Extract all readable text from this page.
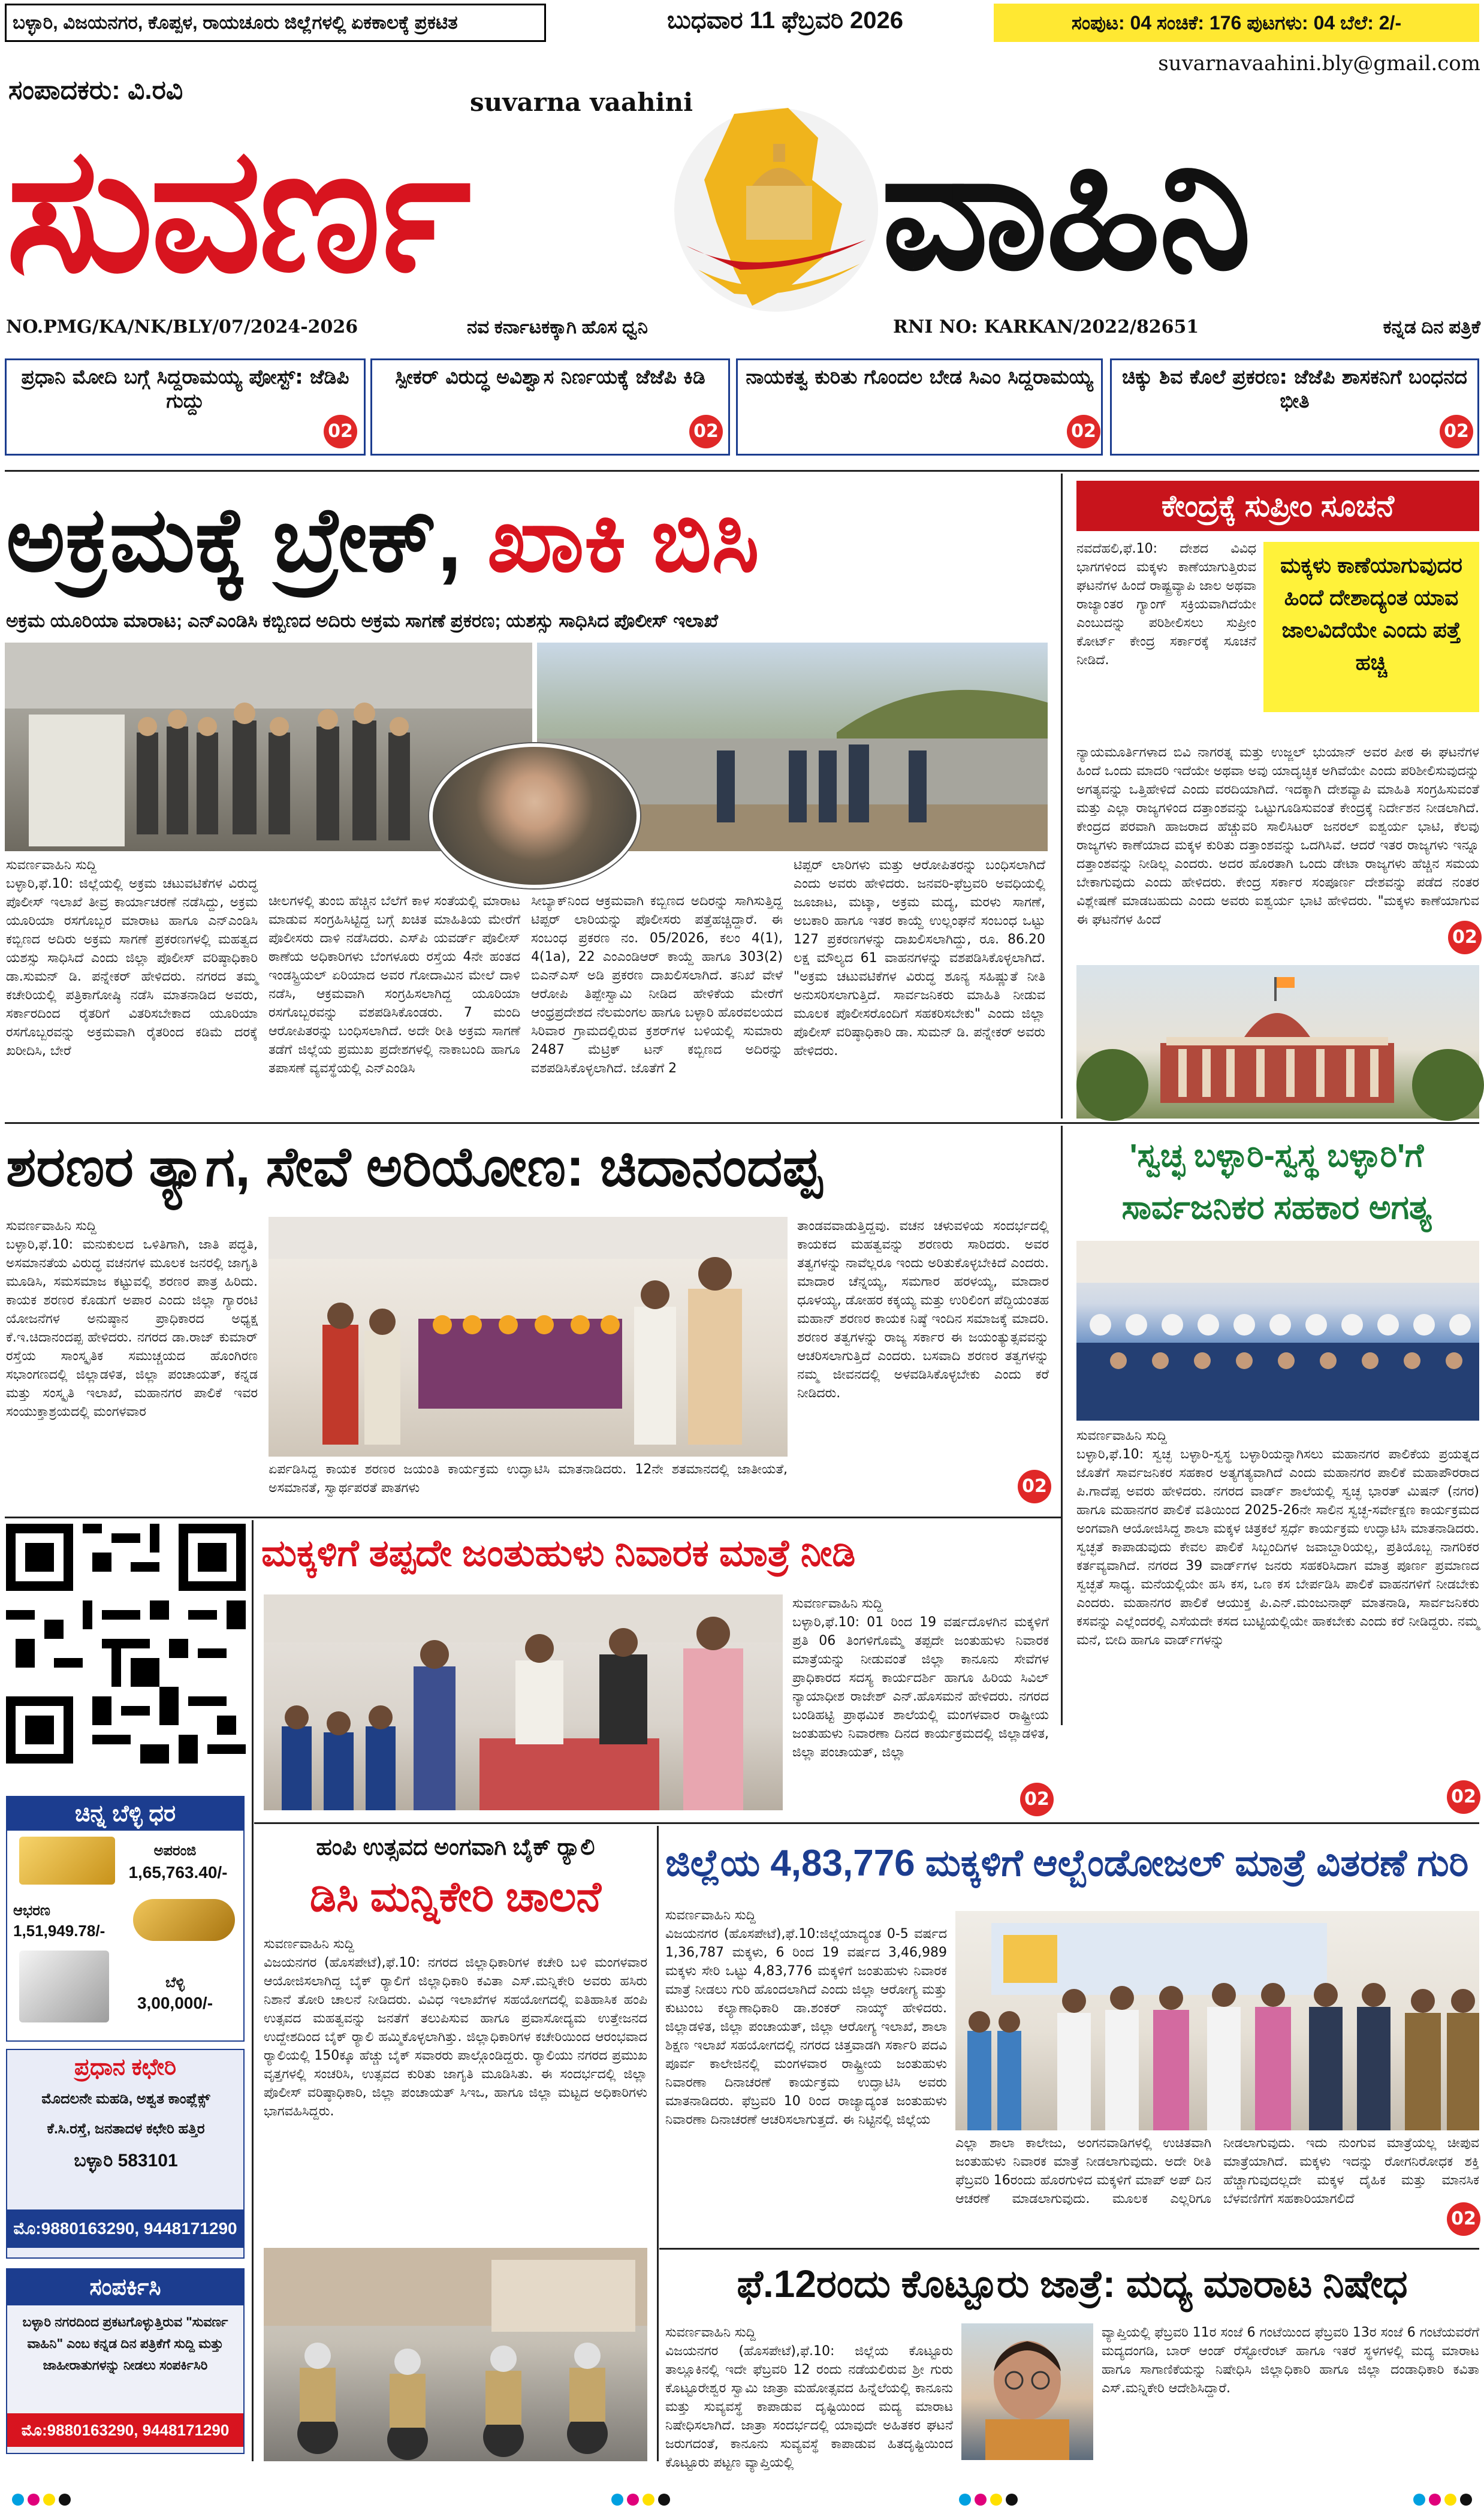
ಬಳ್ಳಾರಿ, ವಿಜಯನಗರ, ಕೊಪ್ಪಳ, ರಾಯಚೂರು ಜಿಲ್ಲೆಗಳಲ್ಲಿ ಏಕಕಾಲಕ್ಕೆ ಪ್ರಕಟಿತ	ಬುಧವಾರ 11 ಫೆಬ್ರವರಿ 2026	ಸಂಪುಟ: 04 ಸಂಚಿಕೆ: 176 ಪುಟಗಳು: 04 ಬೆಲೆ: 2/-
ಸಂಪಾದಕರು: ವಿ.ರವಿ
suvarnavaahini.bly@gmail.com
suvarna vaahini
ಸುವರ್ಣ	ವಾಹಿನಿ
NO.PMG/KA/NK/BLY/07/2024-2026	ನವ ಕರ್ನಾಟಕಕ್ಕಾಗಿ ಹೊಸ ಧ್ವನಿ	RNI NO: KARKAN/2022/82651	ಕನ್ನಡ ದಿನ ಪತ್ರಿಕೆ
ಪ್ರಧಾನಿ ಮೋದಿ ಬಗ್ಗೆ ಸಿದ್ದರಾಮಯ್ಯ ಪೋಸ್ಟ್: ಜೆಡಿಪಿ ಗುದ್ದು
02
ಸ್ಪೀಕರ್ ವಿರುದ್ಧ ಅವಿಶ್ವಾಸ ನಿರ್ಣಯಕ್ಕೆ ಜೆಜೆಪಿ ಕಿಡಿ
02
ನಾಯಕತ್ವ ಕುರಿತು ಗೊಂದಲ ಬೇಡ ಸಿಎಂ ಸಿದ್ದರಾಮಯ್ಯ
02
ಚಿಕ್ಕು ಶಿವ ಕೊಲೆ ಪ್ರಕರಣ: ಜೆಜೆಪಿ ಶಾಸಕನಿಗೆ ಬಂಧನದ ಭೀತಿ
02
ಅಕ್ರಮಕ್ಕೆ ಬ್ರೇಕ್, ಖಾಕಿ ಬಿಸಿ
ಅಕ್ರಮ ಯೂರಿಯಾ ಮಾರಾಟ; ಎನ್‌ಎಂಡಿಸಿ ಕಬ್ಬಿಣದ ಅದಿರು ಅಕ್ರಮ ಸಾಗಣೆ ಪ್ರಕರಣ; ಯಶಸ್ಸು ಸಾಧಿಸಿದ ಪೊಲೀಸ್ ಇಲಾಖೆ
ಸುವರ್ಣವಾಹಿನಿ ಸುದ್ದಿ
ಬಳ್ಳಾರಿ,ಫೆ.10: ಜಿಲ್ಲೆಯಲ್ಲಿ ಅಕ್ರಮ ಚಟುವಟಿಕೆಗಳ ವಿರುದ್ಧ ಪೊಲೀಸ್ ಇಲಾಖೆ ತೀವ್ರ ಕಾರ್ಯಾಚರಣೆ ನಡೆಸಿದ್ದು, ಅಕ್ರಮ ಯೂರಿಯಾ ರಸಗೊಬ್ಬರ ಮಾರಾಟ ಹಾಗೂ ಎನ್‌ಎಂಡಿಸಿ ಕಬ್ಬಿಣದ ಅದಿರು ಅಕ್ರಮ ಸಾಗಣೆ ಪ್ರಕರಣಗಳಲ್ಲಿ ಮಹತ್ವದ ಯಶಸ್ಸು ಸಾಧಿಸಿದೆ ಎಂದು ಜಿಲ್ಲಾ ಪೊಲೀಸ್ ವರಿಷ್ಠಾಧಿಕಾರಿ ಡಾ.ಸುಮನ್ ಡಿ. ಪನ್ನೇಕರ್ ಹೇಳಿದರು. ನಗರದ ತಮ್ಮ ಕಚೇರಿಯಲ್ಲಿ ಪತ್ರಿಕಾಗೋಷ್ಠಿ ನಡೆಸಿ ಮಾತನಾಡಿದ ಅವರು, ಸರ್ಕಾರದಿಂದ ರೈತರಿಗೆ ವಿತರಿಸಬೇಕಾದ ಯೂರಿಯಾ ರಸಗೊಬ್ಬರವನ್ನು ಅಕ್ರಮವಾಗಿ ರೈತರಿಂದ ಕಡಿಮೆ ದರಕ್ಕೆ ಖರೀದಿಸಿ, ಬೇರೆ
ಚೀಲಗಳಲ್ಲಿ ತುಂಬಿ ಹೆಚ್ಚಿನ ಬೆಲೆಗೆ ಕಾಳ ಸಂತೆಯಲ್ಲಿ ಮಾರಾಟ ಮಾಡುವ ಸಂಗ್ರಹಿಸಿಟ್ಟಿದ್ದ ಬಗ್ಗೆ ಖಚಿತ ಮಾಹಿತಿಯ ಮೇರೆಗೆ ಪೊಲೀಸರು ದಾಳಿ ನಡೆಸಿದರು. ಎಸ್‌ಪಿ ಯವರ್ಡ್ ಪೊಲೀಸ್ ಠಾಣೆಯ ಅಧಿಕಾರಿಗಳು ಬೆಂಗಳೂರು ರಸ್ತೆಯ 4ನೇ ಹಂತದ ಇಂಡಸ್ಟ್ರಿಯಲ್ ಏರಿಯಾದ ಅವರ ಗೋದಾಮಿನ ಮೇಲೆ ದಾಳಿ ನಡೆಸಿ, ಆಕ್ರಮವಾಗಿ ಸಂಗ್ರಹಿಸಲಾಗಿದ್ದ ಯೂರಿಯಾ ರಸಗೊಬ್ಬರವನ್ನು ವಶಪಡಿಸಿಕೊಂಡರು. 7 ಮಂದಿ ಆರೋಪಿತರನ್ನು ಬಂಧಿಸಲಾಗಿದೆ. ಅದೇ ರೀತಿ ಅಕ್ರಮ ಸಾಗಣೆ ತಡೆಗೆ ಜಿಲ್ಲೆಯ ಪ್ರಮುಖ ಪ್ರದೇಶಗಳಲ್ಲಿ ನಾಕಾಬಂದಿ ಹಾಗೂ ತಪಾಸಣೆ ವ್ಯವಸ್ಥೆಯಲ್ಲಿ ಎನ್‌ಎಂಡಿಸಿ
ಸೀಬ್ಯಾಕ್‌ನಿಂದ ಆಕ್ರಮವಾಗಿ ಕಬ್ಬಿಣದ ಅದಿರನ್ನು ಸಾಗಿಸುತ್ತಿದ್ದ ಟಿಪ್ಪರ್ ಲಾರಿಯನ್ನು ಪೊಲೀಸರು ಪತ್ತೆಹಚ್ಚಿದ್ದಾರೆ. ಈ ಸಂಬಂಧ ಪ್ರಕರಣ ನಂ. 05/2026, ಕಲಂ 4(1), 4(1a), 22 ಎಂಎಂಡಿಆರ್ ಕಾಯ್ದೆ ಹಾಗೂ 303(2) ಬಿಎನ್‌ಎಸ್ ಅಡಿ ಪ್ರಕರಣ ದಾಖಲಿಸಲಾಗಿದೆ. ತನಿಖೆ ವೇಳೆ ಆರೋಪಿ ತಿಪ್ಪೇಸ್ವಾಮಿ ನೀಡಿದ ಹೇಳಿಕೆಯ ಮೇರೆಗೆ ಆಂಧ್ರಪ್ರದೇಶದ ನೆಲಮಂಗಲ ಹಾಗೂ ಬಳ್ಳಾರಿ ಹೊರವಲಯದ ಸಿರಿವಾರ ಗ್ರಾಮದಲ್ಲಿರುವ ಕ್ರಶರ್‌ಗಳ ಬಳಿಯಲ್ಲಿ ಸುಮಾರು 2487 ಮೆಟ್ರಿಕ್ ಟನ್ ಕಬ್ಬಿಣದ ಅದಿರನ್ನು ವಶಪಡಿಸಿಕೊಳ್ಳಲಾಗಿದೆ. ಜೊತೆಗೆ 2
ಟಿಪ್ಪರ್ ಲಾರಿಗಳು ಮತ್ತು ಆರೋಪಿತರನ್ನು ಬಂಧಿಸಲಾಗಿದೆ ಎಂದು ಅವರು ಹೇಳಿದರು. ಜನವರಿ-ಫೆಬ್ರವರಿ ಅವಧಿಯಲ್ಲಿ ಜೂಜಾಟ, ಮಟ್ಕಾ, ಅಕ್ರಮ ಮದ್ಯ, ಮರಳು ಸಾಗಣೆ, ಅಬಕಾರಿ ಹಾಗೂ ಇತರ ಕಾಯ್ದೆ ಉಲ್ಲಂಘನೆ ಸಂಬಂಧ ಒಟ್ಟು 127 ಪ್ರಕರಣಗಳನ್ನು ದಾಖಲಿಸಲಾಗಿದ್ದು, ರೂ. 86.20 ಲಕ್ಷ ಮೌಲ್ಯದ 61 ವಾಹನಗಳನ್ನು ವಶಪಡಿಸಿಕೊಳ್ಳಲಾಗಿದೆ. "ಅಕ್ರಮ ಚಟುವಟಿಕೆಗಳ ವಿರುದ್ಧ ಶೂನ್ಯ ಸಹಿಷ್ಣುತೆ ನೀತಿ ಅನುಸರಿಸಲಾಗುತ್ತಿದೆ. ಸಾರ್ವಜನಿಕರು ಮಾಹಿತಿ ನೀಡುವ ಮೂಲಕ ಪೊಲೀಸರೊಂದಿಗೆ ಸಹಕರಿಸಬೇಕು" ಎಂದು ಜಿಲ್ಲಾ ಪೊಲೀಸ್ ವರಿಷ್ಠಾಧಿಕಾರಿ ಡಾ. ಸುಮನ್ ಡಿ. ಪನ್ನೇಕರ್ ಅವರು ಹೇಳಿದರು.
ಕೇಂದ್ರಕ್ಕೆ ಸುಪ್ರೀಂ ಸೂಚನೆ
ನವದೆಹಲಿ,ಫೆ.10: ದೇಶದ ವಿವಿಧ ಭಾಗಗಳಿಂದ ಮಕ್ಕಳು ಕಾಣೆಯಾಗುತ್ತಿರುವ ಘಟನೆಗಳ ಹಿಂದೆ ರಾಷ್ಟ್ರವ್ಯಾಪಿ ಜಾಲ ಅಥವಾ ರಾಜ್ಯಾಂತರ ಗ್ಯಾಂಗ್ ಸಕ್ರಿಯವಾಗಿದೆಯೇ ಎಂಬುದನ್ನು ಪರಿಶೀಲಿಸಲು ಸುಪ್ರೀಂ ಕೋರ್ಟ್ ಕೇಂದ್ರ ಸರ್ಕಾರಕ್ಕೆ ಸೂಚನೆ ನೀಡಿದೆ.
ಮಕ್ಕಳು ಕಾಣೆಯಾಗುವುದರ ಹಿಂದೆ ದೇಶಾದ್ಯಂತ ಯಾವ ಜಾಲವಿದೆಯೇ ಎಂದು ಪತ್ತೆ ಹಚ್ಚಿ
ನ್ಯಾಯಮೂರ್ತಿಗಳಾದ ಬಿವಿ ನಾಗರತ್ನ ಮತ್ತು ಉಜ್ಜಲ್ ಭುಯಾನ್ ಅವರ ಪೀಠ ಈ ಘಟನೆಗಳ ಹಿಂದೆ ಒಂದು ಮಾದರಿ ಇದೆಯೇ ಅಥವಾ ಅವು ಯಾದೃಚ್ಛಿಕ ಅಗಿವೆಯೇ ಎಂದು ಪರಿಶೀಲಿಸುವುದನ್ನು ಅಗತ್ಯವನ್ನು ಒತ್ತಿಹೇಳಿದೆ ಎಂದು ವರದಿಯಾಗಿದೆ. ಇದಕ್ಕಾಗಿ ದೇಶವ್ಯಾಪಿ ಮಾಹಿತಿ ಸಂಗ್ರಹಿಸುವಂತೆ ಮತ್ತು ಎಲ್ಲಾ ರಾಜ್ಯಗಳಿಂದ ದತ್ತಾಂಶವನ್ನು ಒಟ್ಟುಗೂಡಿಸುವಂತೆ ಕೇಂದ್ರಕ್ಕೆ ನಿರ್ದೇಶನ ನೀಡಲಾಗಿದೆ. ಕೇಂದ್ರದ ಪರವಾಗಿ ಹಾಜರಾದ ಹೆಚ್ಚುವರಿ ಸಾಲಿಸಿಟರ್ ಜನರಲ್ ಐಶ್ವರ್ಯ ಭಾಟಿ, ಕೆಲವು ರಾಜ್ಯಗಳು ಕಾಣೆಯಾದ ಮಕ್ಕಳ ಕುರಿತು ದತ್ತಾಂಶವನ್ನು ಒದಗಿಸಿವೆ. ಆದರೆ ಇತರ ರಾಜ್ಯಗಳು ಇನ್ನೂ ದತ್ತಾಂಶವನ್ನು ನೀಡಿಲ್ಲ ಎಂದರು. ಅದರ ಹೊರತಾಗಿ ಒಂದು ಡೇಟಾ ರಾಜ್ಯಗಳು ಹೆಚ್ಚಿನ ಸಮಯ ಬೇಕಾಗುವುದು ಎಂದು ಹೇಳಿದರು. ಕೇಂದ್ರ ಸರ್ಕಾರ ಸಂಪೂರ್ಣ ದೇಶವನ್ನು ಪಡೆದ ನಂತರ ವಿಶ್ಲೇಷಣೆ ಮಾಡಬಹುದು ಎಂದು ಅವರು ಐಶ್ವರ್ಯ ಭಾಟಿ ಹೇಳಿದರು. "ಮಕ್ಕಳು ಕಾಣೆಯಾಗುವ ಈ ಘಟನೆಗಳ ಹಿಂದೆ
02
ಶರಣರ ತ್ಯಾಗ, ಸೇವೆ ಅರಿಯೋಣ: ಚಿದಾನಂದಪ್ಪ
ಸುವರ್ಣವಾಹಿನಿ ಸುದ್ದಿ
ಬಳ್ಳಾರಿ,ಫೆ.10: ಮನುಕುಲದ ಒಳಿತಿಗಾಗಿ, ಜಾತಿ ಪದ್ಧತಿ, ಅಸಮಾನತೆಯ ವಿರುದ್ಧ ವಚನಗಳ ಮೂಲಕ ಜನರಲ್ಲಿ ಜಾಗೃತಿ ಮೂಡಿಸಿ, ಸಮಸಮಾಜ ಕಟ್ಟುವಲ್ಲಿ ಶರಣರ ಪಾತ್ರ ಹಿರಿದು. ಕಾಯಕ ಶರಣರ ಕೊಡುಗೆ ಅಪಾರ ಎಂದು ಜಿಲ್ಲಾ ಗ್ಯಾರಂಟಿ ಯೋಜನೆಗಳ ಅನುಷ್ಠಾನ ಪ್ರಾಧಿಕಾರದ ಅಧ್ಯಕ್ಷ ಕೆ.ಇ.ಚಿದಾನಂದಪ್ಪ ಹೇಳಿದರು. ನಗರದ ಡಾ.ರಾಜ್ ಕುಮಾರ್ ರಸ್ತೆಯ ಸಾಂಸ್ಕೃತಿಕ ಸಮುಚ್ಚಯದ ಹೊಂಗಿರಣ ಸಭಾಂಗಣದಲ್ಲಿ ಜಿಲ್ಲಾಡಳಿತ, ಜಿಲ್ಲಾ ಪಂಚಾಯತ್, ಕನ್ನಡ ಮತ್ತು ಸಂಸ್ಕೃತಿ ಇಲಾಖೆ, ಮಹಾನಗರ ಪಾಲಿಕೆ ಇವರ ಸಂಯುಕ್ತಾಶ್ರಯದಲ್ಲಿ ಮಂಗಳವಾರ
ಏರ್ಪಡಿಸಿದ್ದ ಕಾಯಕ ಶರಣರ ಜಯಂತಿ ಕಾರ್ಯಕ್ರಮ ಉದ್ಘಾಟಿಸಿ ಮಾತನಾಡಿದರು. 12ನೇ ಶತಮಾನದಲ್ಲಿ ಜಾತೀಯತೆ, ಅಸಮಾನತೆ, ಸ್ವಾರ್ಥಪರತೆ ಪಾತಗಳು
ತಾಂಡವವಾಡುತ್ತಿದ್ದವು. ವಚನ ಚಳುವಳಿಯ ಸಂದರ್ಭದಲ್ಲಿ ಕಾಯಕದ ಮಹತ್ವವನ್ನು ಶರಣರು ಸಾರಿದರು. ಅವರ ತತ್ವಗಳನ್ನು ನಾವೆಲ್ಲರೂ ಇಂದು ಅರಿತುಕೊಳ್ಳಬೇಕಿದೆ ಎಂದರು. ಮಾದಾರ ಚೆನ್ನಯ್ಯ, ಸಮಗಾರ ಹರಳಯ್ಯ, ಮಾದಾರ ಧೂಳಯ್ಯ, ಡೋಹರ ಕಕ್ಕಯ್ಯ ಮತ್ತು ಉರಿಲಿಂಗ ಪೆದ್ದಿಯಂತಹ ಮಹಾನ್ ಶರಣರ ಕಾಯಕ ನಿಷ್ಠೆ ಇಂದಿನ ಸಮಾಜಕ್ಕೆ ಮಾದರಿ. ಶರಣರ ತತ್ವಗಳನ್ನು ರಾಜ್ಯ ಸರ್ಕಾರ ಈ ಜಯಂತ್ಯುತ್ಸವವನ್ನು ಆಚರಿಸಲಾಗುತ್ತಿದೆ ಎಂದರು. ಬಸವಾದಿ ಶರಣರ ತತ್ವಗಳನ್ನು ನಮ್ಮ ಜೀವನದಲ್ಲಿ ಅಳವಡಿಸಿಕೊಳ್ಳಬೇಕು ಎಂದು ಕರೆ ನೀಡಿದರು.
02
'ಸ್ವಚ್ಛ ಬಳ್ಳಾರಿ-ಸ್ವಸ್ಥ ಬಳ್ಳಾರಿ'ಗೆ
ಸಾರ್ವಜನಿಕರ ಸಹಕಾರ ಅಗತ್ಯ
ಸುವರ್ಣವಾಹಿನಿ ಸುದ್ದಿ
ಬಳ್ಳಾರಿ,ಫೆ.10: ಸ್ವಚ್ಛ ಬಳ್ಳಾರಿ-ಸ್ವಸ್ಥ ಬಳ್ಳಾರಿಯನ್ನಾಗಿಸಲು ಮಹಾನಗರ ಪಾಲಿಕೆಯ ಪ್ರಯತ್ನದ ಜೊತೆಗೆ ಸಾರ್ವಜನಿಕರ ಸಹಕಾರ ಅತ್ಯಗತ್ಯವಾಗಿದೆ ಎಂದು ಮಹಾನಗರ ಪಾಲಿಕೆ ಮಹಾಪೌರರಾದ ಪಿ.ಗಾದೆಪ್ಪ ಅವರು ಹೇಳಿದರು. ನಗರದ ವಾರ್ಡ್ ಶಾಲೆಯಲ್ಲಿ ಸ್ವಚ್ಛ ಭಾರತ್ ಮಿಷನ್ (ನಗರ) ಹಾಗೂ ಮಹಾನಗರ ಪಾಲಿಕೆ ವತಿಯಿಂದ 2025-26ನೇ ಸಾಲಿನ ಸ್ವಚ್ಛ-ಸರ್ವೇಕ್ಷಣ ಕಾರ್ಯಕ್ರಮದ ಅಂಗವಾಗಿ ಆಯೋಜಿಸಿದ್ದ ಶಾಲಾ ಮಕ್ಕಳ ಚಿತ್ರಕಲೆ ಸ್ಪರ್ಧೆ ಕಾರ್ಯಕ್ರಮ ಉದ್ಘಾಟಿಸಿ ಮಾತನಾಡಿದರು. ಸ್ವಚ್ಛತೆ ಕಾಪಾಡುವುದು ಕೇವಲ ಪಾಲಿಕೆ ಸಿಬ್ಬಂದಿಗಳ ಜವಾಬ್ದಾರಿಯಲ್ಲ, ಪ್ರತಿಯೊಬ್ಬ ನಾಗರಿಕರ ಕರ್ತವ್ಯವಾಗಿದೆ. ನಗರದ 39 ವಾರ್ಡ್‌ಗಳ ಜನರು ಸಹಕರಿಸಿದಾಗ ಮಾತ್ರ ಪೂರ್ಣ ಪ್ರಮಾಣದ ಸ್ವಚ್ಛತೆ ಸಾಧ್ಯ. ಮನೆಯಲ್ಲಿಯೇ ಹಸಿ ಕಸ, ಒಣ ಕಸ ಬೇರ್ಪಡಿಸಿ ಪಾಲಿಕೆ ವಾಹನಗಳಿಗೆ ನೀಡಬೇಕು ಎಂದರು. ಮಹಾನಗರ ಪಾಲಿಕೆ ಆಯುಕ್ತ ಪಿ.ಎನ್.ಮಂಜುನಾಥ್ ಮಾತನಾಡಿ, ಸಾರ್ವಜನಿಕರು ಕಸವನ್ನು ಎಲ್ಲೆಂದರಲ್ಲಿ ಎಸೆಯದೇ ಕಸದ ಬುಟ್ಟಿಯಲ್ಲಿಯೇ ಹಾಕಬೇಕು ಎಂದು ಕರೆ ನೀಡಿದ್ದರು. ನಮ್ಮ ಮನೆ, ಬೀದಿ ಹಾಗೂ ವಾರ್ಡ್‌ಗಳನ್ನು
02
ಚಿನ್ನ ಬೆಳ್ಳಿ ಧರ
ಅಪರಂಜಿ
1,65,763.40/-
ಆಭರಣ
1,51,949.78/-
ಬೆಳ್ಳಿ
3,00,000/-
ಪ್ರಧಾನ ಕಛೇರಿ
ಮೊದಲನೇ ಮಹಡಿ, ಅಶ್ವತ ಕಾಂಪ್ಲೆಕ್ಸ್
ಕೆ.ಸಿ.ರಸ್ತೆ, ಜನತಾದಳ ಕಛೇರಿ ಹತ್ತಿರ
ಬಳ್ಳಾರಿ 583101
ಮೊ:9880163290, 9448171290
ಸಂಪರ್ಕಿಸಿ
ಬಳ್ಳಾರಿ ನಗರದಿಂದ ಪ್ರಕಟಗೊಳ್ಳುತ್ತಿರುವ "ಸುವರ್ಣ ವಾಹಿನಿ" ಎಂಬ ಕನ್ನಡ ದಿನ ಪತ್ರಿಕೆಗೆ ಸುದ್ದಿ ಮತ್ತು ಜಾಹೀರಾತುಗಳನ್ನು ನೀಡಲು ಸಂಪರ್ಕಿಸಿರಿ
ಮೊ:9880163290, 9448171290
ಮಕ್ಕಳಿಗೆ ತಪ್ಪದೇ ಜಂತುಹುಳು ನಿವಾರಕ ಮಾತ್ರೆ ನೀಡಿ
ಸುವರ್ಣವಾಹಿನಿ ಸುದ್ದಿ
ಬಳ್ಳಾರಿ,ಫೆ.10: 01 ರಿಂದ 19 ವರ್ಷದೊಳಗಿನ ಮಕ್ಕಳಿಗೆ ಪ್ರತಿ 06 ತಿಂಗಳಿಗೊಮ್ಮೆ ತಪ್ಪದೇ ಜಂತುಹುಳು ನಿವಾರಕ ಮಾತ್ರೆಯನ್ನು ನೀಡುವಂತೆ ಜಿಲ್ಲಾ ಕಾನೂನು ಸೇವೆಗಳ ಪ್ರಾಧಿಕಾರದ ಸದಸ್ಯ ಕಾರ್ಯದರ್ಶಿ ಹಾಗೂ ಹಿರಿಯ ಸಿವಿಲ್ ನ್ಯಾಯಾಧೀಶ ರಾಜೇಶ್ ಎನ್.ಹೊಸಮನೆ ಹೇಳಿದರು. ನಗರದ ಬಂಡಿಹಟ್ಟಿ ಪ್ರಾಥಮಿಕ ಶಾಲೆಯಲ್ಲಿ ಮಂಗಳವಾರ ರಾಷ್ಟ್ರೀಯ ಜಂತುಹುಳು ನಿವಾರಣಾ ದಿನದ ಕಾರ್ಯಕ್ರಮದಲ್ಲಿ ಜಿಲ್ಲಾಡಳಿತ, ಜಿಲ್ಲಾ ಪಂಚಾಯತ್, ಜಿಲ್ಲಾ
02
ಹಂಪಿ ಉತ್ಸವದ ಅಂಗವಾಗಿ ಬೈಕ್ ರ್‍ಯಾಲಿ
ಡಿಸಿ ಮನ್ನಿಕೇರಿ ಚಾಲನೆ
ಸುವರ್ಣವಾಹಿನಿ ಸುದ್ದಿ
ವಿಜಯನಗರ (ಹೊಸಪೇಟೆ),ಫೆ.10: ನಗರದ ಜಿಲ್ಲಾಧಿಕಾರಿಗಳ ಕಚೇರಿ ಬಳಿ ಮಂಗಳವಾರ ಆಯೋಜಿಸಲಾಗಿದ್ದ ಬೈಕ್ ರ್‍ಯಾಲಿಗೆ ಜಿಲ್ಲಾಧಿಕಾರಿ ಕವಿತಾ ಎಸ್.ಮನ್ನಿಕೇರಿ ಅವರು ಹಸಿರು ನಿಶಾನೆ ತೋರಿ ಚಾಲನೆ ನೀಡಿದರು. ವಿವಿಧ ಇಲಾಖೆಗಳ ಸಹಯೋಗದಲ್ಲಿ ಐತಿಹಾಸಿಕ ಹಂಪಿ ಉತ್ಸವದ ಮಹತ್ವವನ್ನು ಜನತೆಗೆ ತಲುಪಿಸುವ ಹಾಗೂ ಪ್ರವಾಸೋದ್ಯಮ ಉತ್ತೇಜನದ ಉದ್ದೇಶದಿಂದ ಬೈಕ್ ರ್‍ಯಾಲಿ ಹಮ್ಮಿಕೊಳ್ಳಲಾಗಿತ್ತು. ಜಿಲ್ಲಾಧಿಕಾರಿಗಳ ಕಚೇರಿಯಿಂದ ಆರಂಭವಾದ ರ್‍ಯಾಲಿಯಲ್ಲಿ 150ಕ್ಕೂ ಹೆಚ್ಚು ಬೈಕ್ ಸವಾರರು ಪಾಲ್ಗೊಂಡಿದ್ದರು. ರ್‍ಯಾಲಿಯು ನಗರದ ಪ್ರಮುಖ ವೃತ್ತಗಳಲ್ಲಿ ಸಂಚರಿಸಿ, ಉತ್ಸವದ ಕುರಿತು ಜಾಗೃತಿ ಮೂಡಿಸಿತು. ಈ ಸಂದರ್ಭದಲ್ಲಿ ಜಿಲ್ಲಾ ಪೊಲೀಸ್ ವರಿಷ್ಠಾಧಿಕಾರಿ, ಜಿಲ್ಲಾ ಪಂಚಾಯತ್ ಸಿಇಒ, ಹಾಗೂ ಜಿಲ್ಲಾ ಮಟ್ಟದ ಅಧಿಕಾರಿಗಳು ಭಾಗವಹಿಸಿದ್ದರು.
ಜಿಲ್ಲೆಯ 4,83,776 ಮಕ್ಕಳಿಗೆ ಆಲ್ಬೆಂಡೋಜಲ್ ಮಾತ್ರೆ ವಿತರಣೆ ಗುರಿ
ಸುವರ್ಣವಾಹಿನಿ ಸುದ್ದಿ
ವಿಜಯನಗರ (ಹೊಸಪೇಟೆ),ಫೆ.10:ಜಿಲ್ಲೆಯಾದ್ಯಂತ 0-5 ವರ್ಷದ 1,36,787 ಮಕ್ಕಳು, 6 ರಿಂದ 19 ವರ್ಷದ 3,46,989 ಮಕ್ಕಳು ಸೇರಿ ಒಟ್ಟು 4,83,776 ಮಕ್ಕಳಿಗೆ ಜಂತುಹುಳು ನಿವಾರಕ ಮಾತ್ರೆ ನೀಡಲು ಗುರಿ ಹೊಂದಲಾಗಿದೆ ಎಂದು ಜಿಲ್ಲಾ ಆರೋಗ್ಯ ಮತ್ತು ಕುಟುಂಬ ಕಲ್ಯಾಣಾಧಿಕಾರಿ ಡಾ.ಶಂಕರ್ ನಾಯ್ಕ್ ಹೇಳಿದರು. ಜಿಲ್ಲಾಡಳಿತ, ಜಿಲ್ಲಾ ಪಂಚಾಯತ್, ಜಿಲ್ಲಾ ಆರೋಗ್ಯ ಇಲಾಖೆ, ಶಾಲಾ ಶಿಕ್ಷಣ ಇಲಾಖೆ ಸಹಯೋಗದಲ್ಲಿ ನಗರದ ಚಿತ್ತವಾಡಗಿ ಸರ್ಕಾರಿ ಪದವಿ ಪೂರ್ವ ಕಾಲೇಜಿನಲ್ಲಿ ಮಂಗಳವಾರ ರಾಷ್ಟ್ರೀಯ ಜಂತುಹುಳು ನಿವಾರಣಾ ದಿನಾಚರಣೆ ಕಾರ್ಯಕ್ರಮ ಉದ್ಘಾಟಿಸಿ ಅವರು ಮಾತನಾಡಿದರು. ಫೆಬ್ರವರಿ 10 ರಿಂದ ರಾಜ್ಯಾದ್ಯಂತ ಜಂತುಹುಳು ನಿವಾರಣಾ ದಿನಾಚರಣೆ ಆಚರಿಸಲಾಗುತ್ತದೆ. ಈ ನಿಟ್ಟಿನಲ್ಲಿ ಜಿಲ್ಲೆಯ
ಎಲ್ಲಾ ಶಾಲಾ ಕಾಲೇಜು, ಅಂಗನವಾಡಿಗಳಲ್ಲಿ ಉಚಿತವಾಗಿ ಜಂತುಹುಳು ನಿವಾರಕ ಮಾತ್ರೆ ನೀಡಲಾಗುವುದು. ಅದೇ ರೀತಿ ಫೆಬ್ರವರಿ 16ರಂದು ಹೊರಗುಳಿದ ಮಕ್ಕಳಿಗೆ ಮಾಪ್ ಅಪ್ ದಿನ ಆಚರಣೆ ಮಾಡಲಾಗುವುದು. ಮೂಲಕ ಎಲ್ಲರಿಗೂ ನೀಡಲಾಗುವುದು. ಇದು ನುಂಗುವ ಮಾತ್ರೆಯಲ್ಲ ಚೀಪುವ ಮಾತ್ರೆಯಾಗಿದೆ. ಮಕ್ಕಳು ಇದನ್ನು ರೋಗನಿರೋಧಕ ಶಕ್ತಿ ಹೆಚ್ಚಾಗುವುದಲ್ಲದೇ ಮಕ್ಕಳ ದೈಹಿಕ ಮತ್ತು ಮಾನಸಿಕ ಬೆಳವಣಿಗೆಗೆ ಸಹಕಾರಿಯಾಗಲಿದೆ
02
ಫೆ.12ರಂದು ಕೊಟ್ಟೂರು ಜಾತ್ರೆ: ಮದ್ಯ ಮಾರಾಟ ನಿಷೇಧ
ಸುವರ್ಣವಾಹಿನಿ ಸುದ್ದಿ
ವಿಜಯನಗರ (ಹೊಸಪೇಟೆ),ಫೆ.10: ಜಿಲ್ಲೆಯ ಕೊಟ್ಟೂರು ತಾಲ್ಲೂಕಿನಲ್ಲಿ ಇದೇ ಫೆಬ್ರವರಿ 12 ರಂದು ನಡೆಯಲಿರುವ ಶ್ರೀ ಗುರು ಕೊಟ್ಟೂರೇಶ್ವರ ಸ್ವಾಮಿ ಜಾತ್ರಾ ಮಹೋತ್ಸವದ ಹಿನ್ನೆಲೆಯಲ್ಲಿ ಕಾನೂನು ಮತ್ತು ಸುವ್ಯವಸ್ಥೆ ಕಾಪಾಡುವ ದೃಷ್ಟಿಯಿಂದ ಮದ್ಯ ಮಾರಾಟ ನಿಷೇಧಿಸಲಾಗಿದೆ. ಜಾತ್ರಾ ಸಂದರ್ಭದಲ್ಲಿ ಯಾವುದೇ ಅಹಿತಕರ ಘಟನೆ ಜರುಗದಂತೆ, ಕಾನೂನು ಸುವ್ಯವಸ್ಥೆ ಕಾಪಾಡುವ ಹಿತದೃಷ್ಟಿಯಿಂದ ಕೊಟ್ಟೂರು ಪಟ್ಟಣ ವ್ಯಾಪ್ತಿಯಲ್ಲಿ
ವ್ಯಾಪ್ತಿಯಲ್ಲಿ ಫೆಬ್ರವರಿ 11ರ ಸಂಜೆ 6 ಗಂಟೆಯಿಂದ ಫೆಬ್ರವರಿ 13ರ ಸಂಜೆ 6 ಗಂಟೆಯವರೆಗೆ ಮದ್ಯದಂಗಡಿ, ಬಾರ್ ಆಂಡ್ ರೆಸ್ಟೋರೆಂಟ್ ಹಾಗೂ ಇತರೆ ಸ್ಥಳಗಳಲ್ಲಿ ಮದ್ಯ ಮಾರಾಟ ಹಾಗೂ ಸಾಗಾಣಿಕೆಯನ್ನು ನಿಷೇಧಿಸಿ ಜಿಲ್ಲಾಧಿಕಾರಿ ಹಾಗೂ ಜಿಲ್ಲಾ ದಂಡಾಧಿಕಾರಿ ಕವಿತಾ ಎಸ್.ಮನ್ನಿಕೇರಿ ಆದೇಶಿಸಿದ್ದಾರೆ.
